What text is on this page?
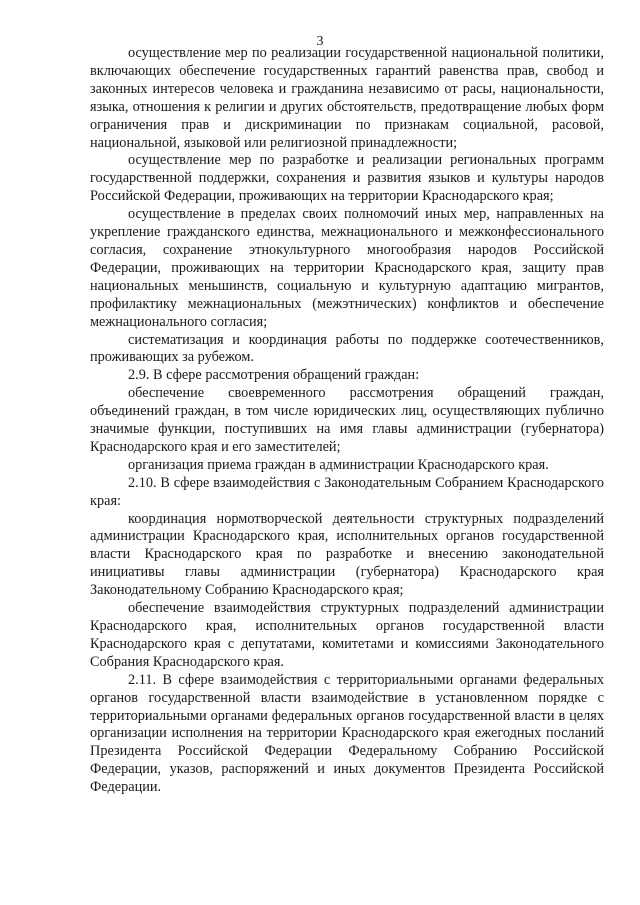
3

осуществление мер по реализации государственной национальной политики, включающих обеспечение государственных гарантий равенства прав, свобод и законных интересов человека и гражданина независимо от расы, национальности, языка, отношения к религии и других обстоятельств, предотвращение любых форм ограничения прав и дискриминации по признакам социальной, расовой, национальной, языковой или религиозной принадлежности;

осуществление мер по разработке и реализации региональных программ государственной поддержки, сохранения и развития языков и культуры народов Российской Федерации, проживающих на территории Краснодарского края;

осуществление в пределах своих полномочий иных мер, направленных на укрепление гражданского единства, межнационального и межконфессионального согласия, сохранение этнокультурного многообразия народов Российской Федерации, проживающих на территории Краснодарского края, защиту прав национальных меньшинств, социальную и культурную адаптацию мигрантов, профилактику межнациональных (межэтнических) конфликтов и обеспечение межнационального согласия;

систематизация и координация работы по поддержке соотечественников, проживающих за рубежом.

2.9. В сфере рассмотрения обращений граждан:

обеспечение своевременного рассмотрения обращений граждан, объединений граждан, в том числе юридических лиц, осуществляющих публично значимые функции, поступивших на имя главы администрации (губернатора) Краснодарского края и его заместителей;

организация приема граждан в администрации Краснодарского края.

2.10. В сфере взаимодействия с Законодательным Собранием Краснодарского края:

координация нормотворческой деятельности структурных подразделений администрации Краснодарского края, исполнительных органов государственной власти Краснодарского края по разработке и внесению законодательной инициативы главы администрации (губернатора) Краснодарского края Законодательному Собранию Краснодарского края;

обеспечение взаимодействия структурных подразделений администрации Краснодарского края, исполнительных органов государственной власти Краснодарского края с депутатами, комитетами и комиссиями Законодательного Собрания Краснодарского края.

2.11. В сфере взаимодействия с территориальными органами федеральных органов государственной власти взаимодействие в установленном порядке с территориальными органами федеральных органов государственной власти в целях организации исполнения на территории Краснодарского края ежегодных посланий Президента Российской Федерации Федеральному Собранию Российской Федерации, указов, распоряжений и иных документов Президента Российской Федерации.
